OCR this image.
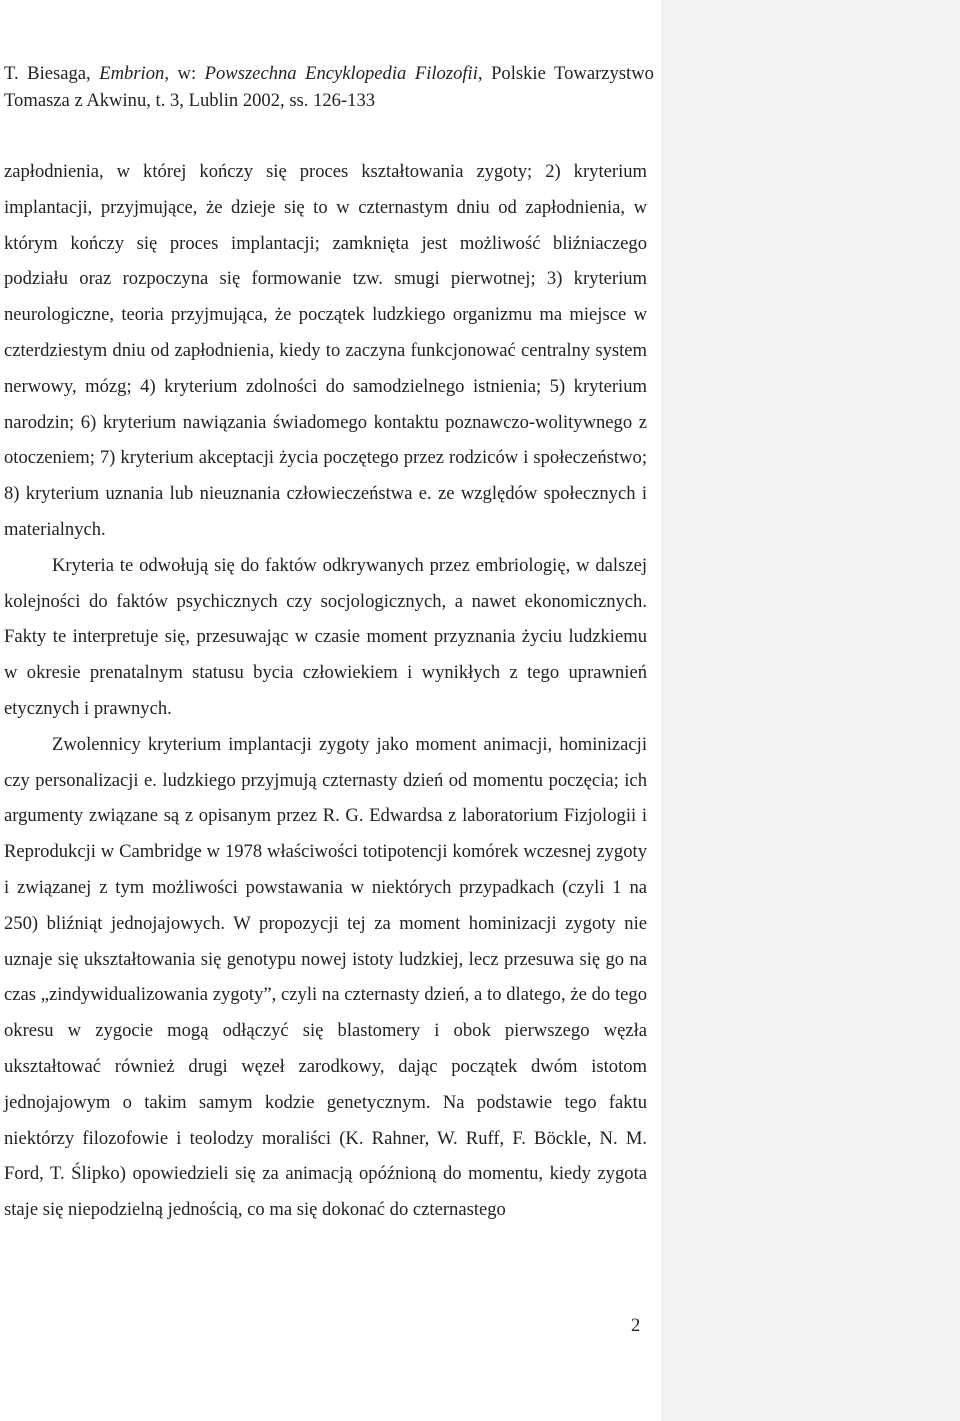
T. Biesaga, Embrion, w: Powszechna Encyklopedia Filozofii, Polskie Towarzystwo Tomasza z Akwinu, t. 3, Lublin 2002, ss. 126-133

zapłodnienia, w której kończy się proces kształtowania zygoty; 2) kryterium implantacji, przyjmujące, że dzieje się to w czternastym dniu od zapłodnienia, w którym kończy się proces implantacji; zamknięta jest możliwość bliźniaczego podziału oraz rozpoczyna się formowanie tzw. smugi pierwotnej; 3) kryterium neurologiczne, teoria przyjmująca, że początek ludzkiego organizmu ma miejsce w czterdziestym dniu od zapłodnienia, kiedy to zaczyna funkcjonować centralny system nerwowy, mózg; 4) kryterium zdolności do samodzielnego istnienia; 5) kryterium narodzin; 6) kryterium nawiązania świadomego kontaktu poznawczo-wolitywnego z otoczeniem; 7) kryterium akceptacji życia poczętego przez rodziców i społeczeństwo; 8) kryterium uznania lub nieuznania człowieczeństwa e. ze względów społecznych i materialnych.

Kryteria te odwołują się do faktów odkrywanych przez embriologię, w dalszej kolejności do faktów psychicznych czy socjologicznych, a nawet ekonomicznych. Fakty te interpretuje się, przesuwając w czasie moment przyznania życiu ludzkiemu w okresie prenatalnym statusu bycia człowiekiem i wynikłych z tego uprawnień etycznych i prawnych.

Zwolennicy kryterium implantacji zygoty jako moment animacji, hominizacji czy personalizacji e. ludzkiego przyjmują czternasty dzień od momentu poczęcia; ich argumenty związane są z opisanym przez R. G. Edwardsa z laboratorium Fizjologii i Reprodukcji w Cambridge w 1978 właściwości totipotencji komórek wczesnej zygoty i związanej z tym możliwości powstawania w niektórych przypadkach (czyli 1 na 250) bliźniąt jednojajowych. W propozycji tej za moment hominizacji zygoty nie uznaje się ukształtowania się genotypu nowej istoty ludzkiej, lecz przesuwa się go na czas „zindywidualizowania zygoty”, czyli na czternasty dzień, a to dlatego, że do tego okresu w zygocie mogą odłączyć się blastomery i obok pierwszego węzła ukształtować również drugi węzeł zarodkowy, dając początek dwóm istotom jednojajowym o takim samym kodzie genetycznym. Na podstawie tego faktu niektórzy filozofowie i teolodzy moraliści (K. Rahner, W. Ruff, F. Böckle, N. M. Ford, T. Ślipko) opowiedzieli się za animacją opóźnioną do momentu, kiedy zygota staje się niepodzielną jednością, co ma się dokonać do czternastego

2
